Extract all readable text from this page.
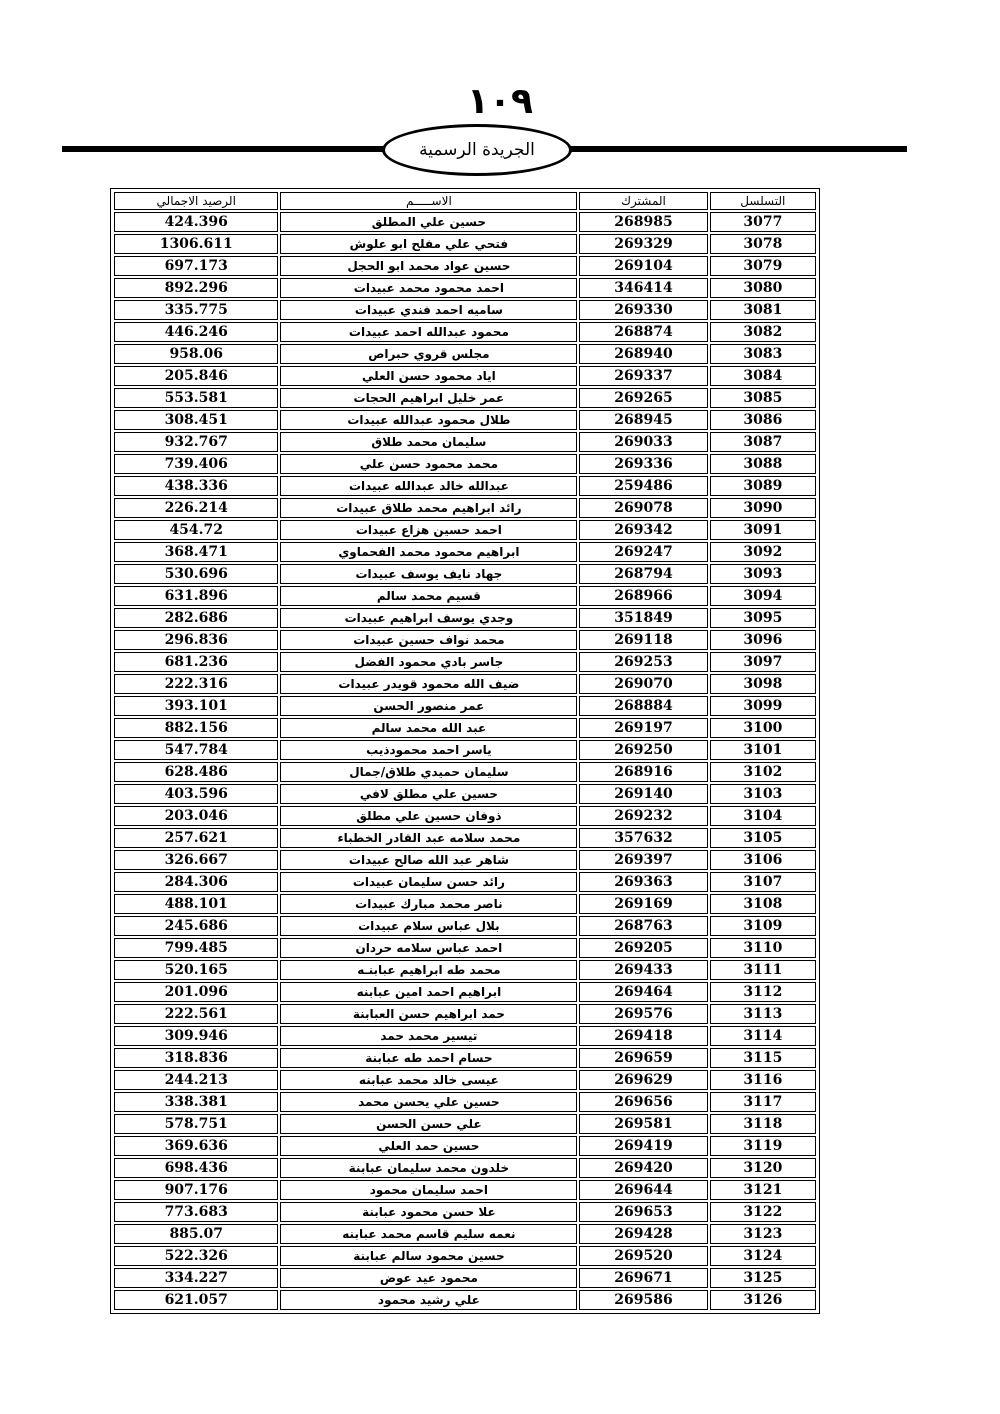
١٠٩
الجريدة الرسمية
الرصيد الاجمالي	الاســـــم	المشترك	التسلسل
424.396	حسين علي المطلق	268985	3077
1306.611	فتحي علي مفلح ابو علوش	269329	3078
697.173	حسين عواد محمد ابو الحجل	269104	3079
892.296	احمد محمود محمد عبيدات	346414	3080
335.775	ساميه احمد فندي عبيدات	269330	3081
446.246	محمود عبدالله احمد عبيدات	268874	3082
958.06	مجلس قروي حبراص	268940	3083
205.846	اياد محمود حسن العلي	269337	3084
553.581	عمر خليل ابراهيم الحجات	269265	3085
308.451	طلال محمود عبدالله عبيدات	268945	3086
932.767	سليمان محمد طلاق	269033	3087
739.406	محمد محمود حسن علي	269336	3088
438.336	عبدالله خالد عبدالله عبيدات	259486	3089
226.214	رائد ابراهيم محمد طلاق عبيدات	269078	3090
454.72	احمد حسين هزاع عبيدات	269342	3091
368.471	ابراهيم محمود محمد الفحماوي	269247	3092
530.696	جهاد نايف يوسف عبيدات	268794	3093
631.896	قسيم محمد سالم	268966	3094
282.686	وجدي يوسف ابراهيم عبيدات	351849	3095
296.836	محمد نواف حسين عبيدات	269118	3096
681.236	جاسر بادي محمود الفضل	269253	3097
222.316	ضيف الله محمود قويدر عبيدات	269070	3098
393.101	عمر منصور الحسن	268884	3099
882.156	عبد الله محمد سالم	269197	3100
547.784	ياسر احمد محمودذيب	269250	3101
628.486	سليمان حميدي طلاق/جمال	268916	3102
403.596	حسين علي مطلق لافي	269140	3103
203.046	ذوفان حسين علي مطلق	269232	3104
257.621	محمد سلامه عبد القادر الخطباء	357632	3105
326.667	شاهر عبد الله صالح عبيدات	269397	3106
284.306	رائد حسن سليمان عبيدات	269363	3107
488.101	ناصر محمد مبارك عبيدات	269169	3108
245.686	بلال عباس سلام عبيدات	268763	3109
799.485	احمد عباس سلامه حردان	269205	3110
520.165	محمد طه ابراهيم عبابنـه	269433	3111
201.096	ابراهيم احمد امين عبابنه	269464	3112
222.561	حمد ابراهيم حسن العبابنة	269576	3113
309.946	تيسير محمد حمد	269418	3114
318.836	حسام احمد طه عبابنة	269659	3115
244.213	عيسى خالد محمد عبابنه	269629	3116
338.381	حسين علي يحسن محمد	269656	3117
578.751	علي حسن الحسن	269581	3118
369.636	حسين حمد العلي	269419	3119
698.436	خلدون محمد سليمان عبابنة	269420	3120
907.176	احمد سليمان محمود	269644	3121
773.683	علا حسن محمود عبابنة	269653	3122
885.07	نعمه سليم قاسم محمد عبابنه	269428	3123
522.326	حسين محمود سالم عبابنة	269520	3124
334.227	محمود عيد عوض	269671	3125
621.057	علي رشيد محمود	269586	3126
